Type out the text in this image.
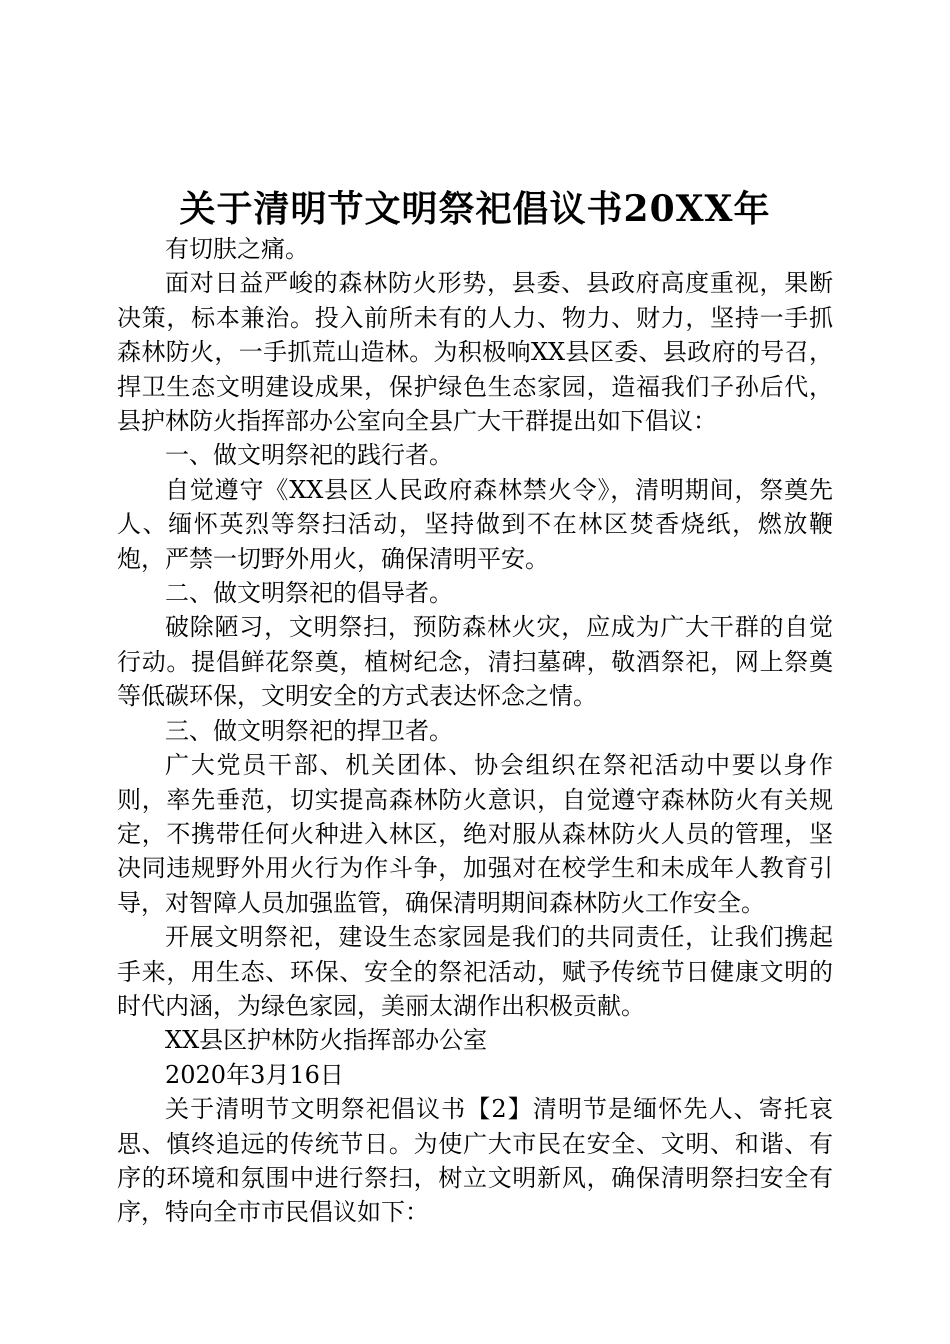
关于清明节文明祭祀倡议书20XX年

有切肤之痛。

面对日益严峻的森林防火形势，县委、县政府高度重视，果断决策，标本兼治。投入前所未有的人力、物力、财力，坚持一手抓森林防火，一手抓荒山造林。为积极响XX县区委、县政府的号召，捍卫生态文明建设成果，保护绿色生态家园，造福我们子孙后代，县护林防火指挥部办公室向全县广大干群提出如下倡议：

一、做文明祭祀的践行者。

自觉遵守《XX县区人民政府森林禁火令》，清明期间，祭奠先人、缅怀英烈等祭扫活动，坚持做到不在林区焚香烧纸，燃放鞭炮，严禁一切野外用火，确保清明平安。

二、做文明祭祀的倡导者。

破除陋习，文明祭扫，预防森林火灾，应成为广大干群的自觉行动。提倡鲜花祭奠，植树纪念，清扫墓碑，敬酒祭祀，网上祭奠等低碳环保，文明安全的方式表达怀念之情。

三、做文明祭祀的捍卫者。

广大党员干部、机关团体、协会组织在祭祀活动中要以身作则，率先垂范，切实提高森林防火意识，自觉遵守森林防火有关规定，不携带任何火种进入林区，绝对服从森林防火人员的管理，坚决同违规野外用火行为作斗争，加强对在校学生和未成年人教育引导，对智障人员加强监管，确保清明期间森林防火工作安全。

开展文明祭祀，建设生态家园是我们的共同责任，让我们携起手来，用生态、环保、安全的祭祀活动，赋予传统节日健康文明的时代内涵，为绿色家园，美丽太湖作出积极贡献。

XX县区护林防火指挥部办公室

2020年3月16日

关于清明节文明祭祀倡议书【2】清明节是缅怀先人、寄托哀思、慎终追远的传统节日。为使广大市民在安全、文明、和谐、有序的环境和氛围中进行祭扫，树立文明新风，确保清明祭扫安全有序，特向全市市民倡议如下：
